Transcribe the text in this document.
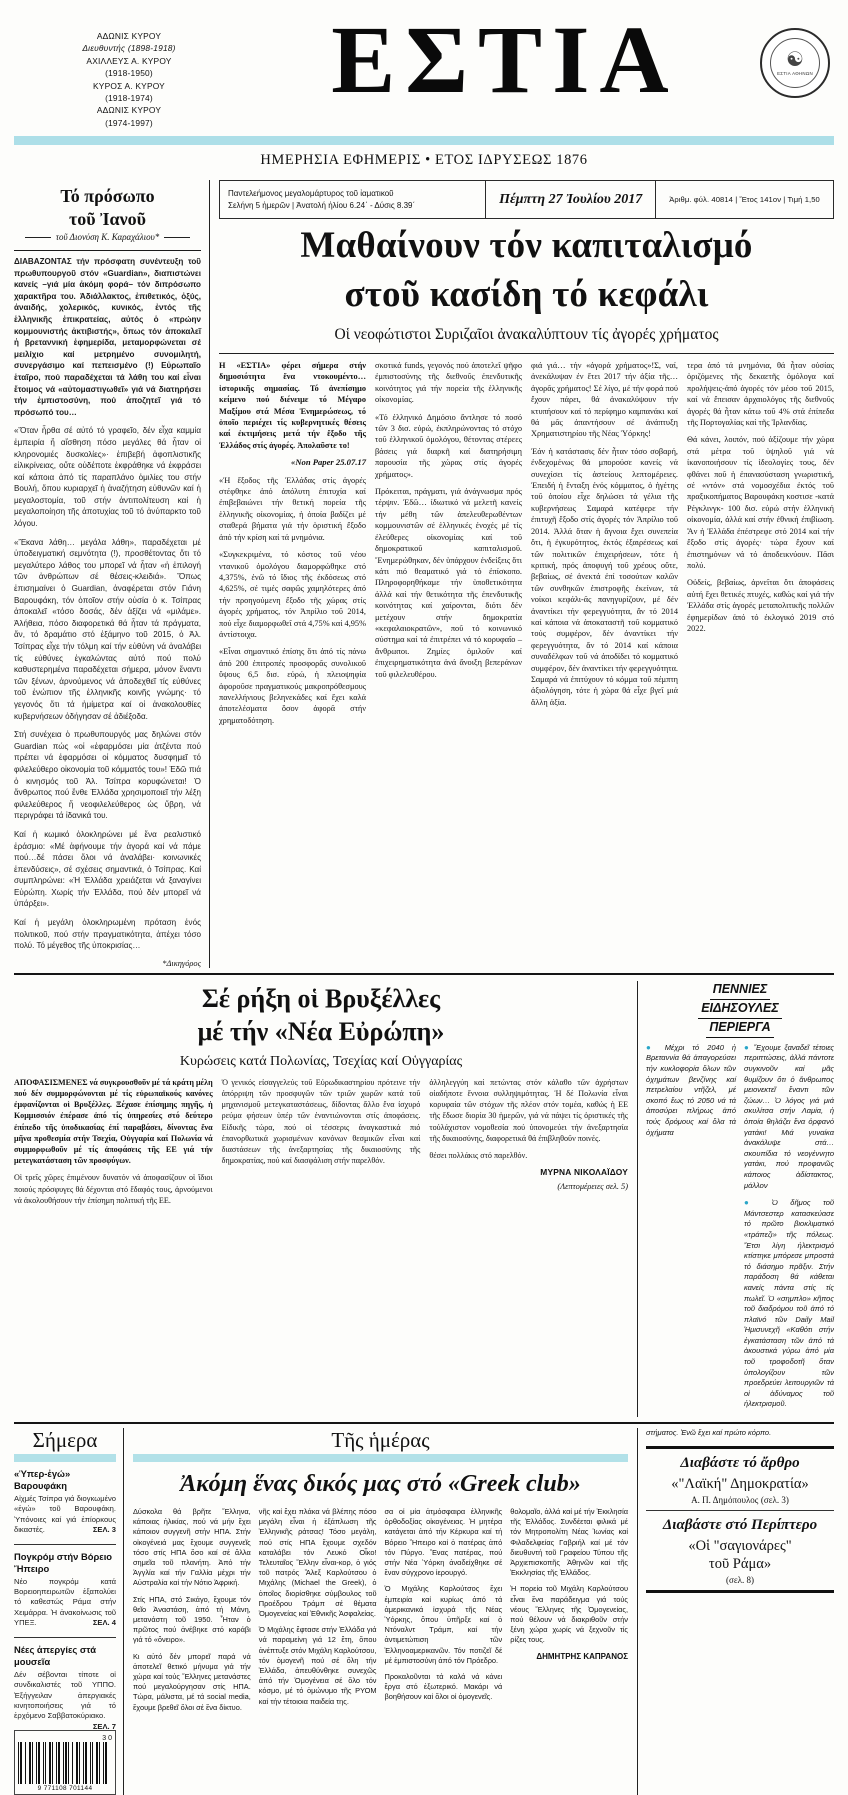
ΑΔΩΝΙΣ ΚΥΡΟΥ
Διευθυντής (1898-1918)
ΑΧΙΛΛΕΥΣ Α. ΚΥΡΟΥ
(1918-1950)
ΚΥΡΟΣ Α. ΚΥΡΟΥ
(1918-1974)
ΑΔΩΝΙΣ ΚΥΡΟΥ
(1974-1997)
ΕΣΤΙΑ	☯
ΕΣΤΙΑ ΑΘΗΝΩΝ
ΗΜΕΡΗΣΙΑ ΕΦΗΜΕΡΙΣ • ΕΤΟΣ ΙΔΡΥΣΕΩΣ 1876
Τό πρόσωπο
τοῦ Ἰανοῦ
τοῦ Διονύση Κ. Καραχάλιου*

ΔΙΑΒΑΖΟΝΤΑΣ τήν πρόσφατη συνέντευξη τοῦ πρωθυπουργοῦ στόν «Guardian», διαπιστώνει κανείς –γιά μία ἀκόμη φορά– τόν διπρόσωπο χαρακτῆρα του. Ἀδιάλλακτος, ἐπιθετικός, ὀξύς, ἀναιδής, χολερικός, κυνικός, ἐντός τῆς ἑλληνικῆς ἐπικρατείας, αὐτός ὁ «πρώην κομμουνιστής ἀκτιβιστής», ὅπως τόν ἀποκαλεῖ ἡ βρεταννική ἐφημερίδα, μεταμορφώνεται σέ μειλίχιο καί μετρημένο συνομιλητή, συνεργάσιμο καί πεπεισμένο (!) Εὐρωπαῖο ἑταῖρο, πού παραδέχεται τά λάθη του καί εἶναι ἕτοιμος νά «αὐτομαστιγωθεῖ» γιά νά διατηρήσει τήν ἐμπιστοσύνη, πού ἀποζητεῖ γιά τό πρόσωπό του…

«Ὅταν ἦρθα σέ αὐτό τό γραφεῖο, δέν εἶχα καμμία ἐμπειρία ἤ αἴσθηση πόσο μεγάλες θά ἦταν οἱ κληρονομιές δυσκολίες»· ἐπιβεβή ἀφοπλιστικῆς εἰλικρίνειας, οὔτε οὐδέποτε ἐκφράθηκε νά ἐκφράσει καί κάποια ἀπό τίς παραπλάνο ὁμιλίες του στήν Βουλή, ὅπου κυριαρχεῖ ἡ ἀναζήτηση εὐθυνῶν καί ἡ μεγαλοστομία, τοῦ στήν ἀντιπολίτευση καί ἡ μεγαλοποίηση τῆς ἀποτυχίας τοῦ τό ἀνύπαρκτο τοῦ λόγου.

«Ἔκανα λάθη… μεγάλα λάθη», παραδέχεται μέ ὑποδειγματική σεμνότητα (!), προσθέτοντας ὅτι τό μεγαλύτερο λάθος του μπορεῖ νά ἦταν «ἡ ἐπιλογή τῶν ἀνθρώπων σέ θέσεις-κλειδιά». Ὅπως ἐπισημαίνει ὁ Guardian, ἀναφέρεται στόν Γιάνη Βαρουφάκη, τόν ὁποῖον στήν οὐσία ὁ κ. Τσίπρας ἀποκαλεῖ «τόσο δοσάς, δέν ἀξίζει νά «μιλάμε». Ἀλήθεια, πόσο διαφορετικά θά ἦταν τά πράγματα, ἄν, τό δραμάτιο στό ἐξάμηνο τοῦ 2015, ὁ Ἀλ. Τσίπρας εἶχε τήν τόλμη καί τήν εὐθύνη νά ἀναλάβει τίς εὐθύνες ἐγκαλώντας αὐτό πού πολύ καθυστερημένα παραδέχεται σήμερα, μόνον ἔναντι τῶν ξένων, ἀρνούμενος νά ἀποδεχθεῖ τίς εὐθύνες τοῦ ἐνώπιον τῆς ἑλληνικῆς κοινῆς γνώμης· τό γεγονός ὅτι τά ἡμίμετρα καί οἱ ἀνακολουθίες κυβερνήσεων ὁδήγησαν σέ ἀδιέξοδα.

Στή συνέχεια ὁ πρωθυπουργός μας δηλώνει στόν Guardian πώς «οἱ «ἐφαρμόσει μία ἀτζέντα πού πρέπει νά ἐφαρμόσει οἱ κόμματος δυσφημεῖ τό φιλελεύθερο οἰκονομία τοῦ κόμματός του»! Ἐδῶ πιά ὁ κινησμός τοῦ Ἀλ. Τσίπρα κορυφώνεται! Ὁ ἄνθρωπος πού ἔνθε Ἑλλάδα χρησιμοποιεῖ τήν λέξη φιλελεύθερος ἤ νεοφιλελεύθερος ὡς ὕβρη, νά περιγράφει τά ἰδανικά του.

Καί ἡ κωμικό ὁλοκληρώνει μέ ἕνα ρεαλιστικό ἐράσμιο: «Μέ ἀφήνουμε τήν ἀγορά καί νά πάμε πού…δέ πάσει ὅλοι νά ἀναλάβει· κοινωνικές ἐπενδύσεις», σέ σχέσεις σημαντικά, ὁ Τσίπρας. Καί συμπληρώνει: «Ἡ Ἑλλάδα χρειάζεται νά ξαναγίνει Εὐρώπη. Χωρίς τήν Ἑλλάδα, πού δέν μπορεῖ νά ὑπάρξει».

Καί ἡ μεγάλη ὁλοκληρωμένη πρόταση ἑνός πολιτικοῦ, πού στήν πραγματικότητα, ἀπέχει τόσο πολύ. Τό μέγεθος τῆς ὑποκρισίας…

*Δικηγόρος
Παντελεήμονος μεγαλομάρτυρος τοῦ ἰαματικοῦ
Σελήνη 5 ἡμερῶν | Ἀνατολή ἡλίου 6.24΄ - Δύσις 8.39΄	Πέμπτη 27 Ἰουλίου 2017	Ἀριθμ. φύλ. 40814 | Ἔτος 141ον | Τιμή 1,50
Μαθαίνουν τόν καπιταλισμό
στοῦ κασίδη τό κεφάλι
Οἱ νεοφώτιστοι Συριζαῖοι ἀνακαλύπτουν τίς ἀγορές χρήματος

Η «ΕΣΤΙΑ» φέρει σήμερα στήν δημοσιότητα ἕνα ντοκουμέντο… ἱστορικῆς σημασίας. Τό ἀνεπίσημο κείμενο πού διένειμε τό Μέγαρο Μαξίμου στά Μέσα Ἐνημερώσεως, τό ὁποῖο περιέχει τίς κυβερνητικές θέσεις καί ἐκτιμήσεις μετά τήν ἔξοδο τῆς Ἑλλάδος στίς ἀγορές. Ἀπολαῦστε το!

«Non Paper 25.07.17

«Ἡ ἔξοδος τῆς Ἑλλάδας στίς ἀγορές στέφθηκε ἀπό ἀπόλυτη ἐπιτυχία καί ἐπιβεβαιώνει τήν θετική πορεία τῆς ἑλληνικῆς οἰκονομίας, ἡ ὁποία βαδίζει μέ σταθερά βήματα γιά τήν ὁριστική ἔξοδο ἀπό τήν κρίση καί τά μνημόνια.

«Συγκεκριμένα, τό κόστος τοῦ νέου ντανικοῦ ὁμολόγου διαμορφώθηκε στό 4,375%, ἐνῶ τό ἴδιος τῆς ἐκδόσεως στό 4,625%, σέ τιμές σαφῶς χαμηλότερες ἀπό τήν προηγούμενη ἔξοδο τῆς χώρας στίς ἀγορές χρήματος, τόν Ἀπρίλιο τοῦ 2014, πού εἶχε διαμορφωθεῖ στά 4,75% καί 4,95% ἀντίστοιχα.

«Εἶναι σημαντικό ἐπίσης ὅτι ἀπό τίς πάνω ἀπό 200 ἐπιτροπές προσφορᾶς συνολικοῦ ὕψους 6,5 δισ. εὐρώ, ἡ πλειοψηφία ἀφοροῦσε πραγματικούς μακροπρόθεσμους πανελλήνιους βεληνεκάδες καί ἔχει καλά ἀποτελέσματα ὅσον ἀφορᾶ στήν χρηματοδότηση.

σκοτικά funds, γεγονός πού ἀποτελεῖ ψῆφο ἐμπιστοσύνης τῆς διεθνοῦς ἐπενδυτικῆς κοινότητος γιά τήν πορεία τῆς ἑλληνικῆς οἰκονομίας.

«Τό ἑλληνικό Δημόσιο ἄντλησε τό ποσό τῶν 3 δισ. εὐρώ, ἐκπληρώνοντας τό στόχο τοῦ ἑλληνικοῦ ὁμολόγου, θέτοντας στέρεες βάσεις γιά διαρκῆ καί διατηρήσιμη παρουσία τῆς χώρας στίς ἀγορές χρήματος».

Πρόκειται, πράγματι, γιά ἀνάγνωσμα πρός τέρψιν. Ἐδῶ… ἰδιωτικό νά μελετῆ κανείς τήν μέθη τῶν ἀπελευθερωθέντων κομμουνιστῶν σέ ἑλληνικές ἐνοχές μέ τίς ἐλεύθερες οἰκονομίας καί τοῦ δημοκρατικοῦ καπιταλισμοῦ. Ἔνημερώθηκαν, δέν ὑπάρχουν ἐνδείξεις ὅτι κάτι πιό θεαματικό γιά τό ἐπίσκοπο. Πληροφορηθήκαμε τήν ὑποθετικότητα ἀλλά καί τήν θετικότητα τῆς ἐπενδυτικῆς κοινότητας καί χαίρονται, διότι δέν μετέχουν στήν δημοκρατία «κεφαλαιοκρατῶν», ποῦ τό κοινωνικό σύστημα καί τά ἐπιτρέπει νά τό κορυφαῖο –ἄνθρωποι. Ζημίες ὁμιλοῦν καί ἐπιχειρηματικότητα ἀνά ἄνοιξη βεπεράνων τοῦ φιλελευθέρου.

φιά γιά… τήν «ἀγορά χρήματος»!Σ, ναί, ἀνεκάλυψαν ἐν ἔτει 2017 τήν ἀξία τῆς… ἀγορᾶς χρήματος! Σέ λίγο, μέ τήν φορά πού ἔχουν πάρει, θά ἀνακαλύψουν τήν κτυπήσουν καί τό περίφημο καμπανάκι καί θά μᾶς ἀπαντήσουν σέ ἀνάπτυξη Χρηματιστηρίου τῆς Νέας Ὑόρκης!

Ἐάν ἡ κατάστασις δέν ἦταν τόσο σοβαρή, ἐνδεχομένως θά μπορούσε κανείς νά συνεχίσει τίς ἀστείους λεπτομέρειες. Ἐπειδή ἡ ἔνταξη ἐνός κόμματος, ὁ ἡγέτης τοῦ ὁποίου εἶχε δηλώσει τά γέλια τῆς κυβερνήσεως Σαμαρά κατέφερε τήν ἐπιτυχῆ ἔξοδο στίς ἀγορές τόν Ἀπρίλιο τοῦ 2014. Ἀλλά ὅταν ἡ ἄγνοια ἔχει συνεπεία ὅτι, ἡ ἐγκυρότητος, ἐκτός ἐξαιρέσεως καί τῶν πολιτικῶν ἐπιχειρήσεων, τότε ἡ κριτική, πρός ἀποφυγή τοῦ χρέους οὔτε, βεβαίως, σέ ἀνεκτά ἐπί τοσούτων καλῶν τῶν συνθηκῶν ἐπιστροφῆς ἐκείνων, τά νοίκοι κεφάλι-ᾶς πανηγυρίζουν, μέ δέν ἀναντίκει τήν φερεγγυότητα, ἄν τό 2014 καί κάποια νά ἀποκαταστῆ τοῦ κομματικό τούς συμφέρον, δέν ἀναντίκει τήν φερεγγυότητα, ἄν τό 2014 καί κάποια συναδέλφων τοῦ νά ἀποδίδει τό κομματικό συμφέρον, δέν ἀναντίκει τήν φερεγγυότητα. Σαμαρά νά ἐπιτύχουν τό κόμμα τοῦ πέμπτη ἀξιολόγηση, τότε ἡ χώρα θά εἶχε βγεῖ μιά ἄλλη ἀξία.

τερα ἀπό τά μνημόνια, θά ἦταν οὐσίας ὁριζόμενες τῆς δεκαετῆς ὁμόλογα καί προλήψεις-ἀπό ἀγορές τόν μέσο τοῦ 2015, καί νά ἔπεισαν ἀρχαιολόγος τῆς διεθνοῦς ἀγορές θά ἦταν κάτω τοῦ 4% στά ἐπίπεδα τῆς Πορτογαλίας καί τῆς Ἰρλανδίας.

Θά κάνει, λοιπόν, πού ἀξίζουμε τήν χώρα στά μέτρα τοῦ ὑψηλοῦ γιά νά ἰκανοποιήσουν τίς ἰδεολογίες τους, δέν φθάνει ποῦ ἡ ἐπανασύσταση γνωριστική, σέ «ντόν» στά νομοσχέδια ἐκτός τοῦ πραξικοπήματος Βαρουφάκη κοστισε -κατά Ρέγκλινγκ- 100 δισ. εὐρώ στήν ἑλληνική οἰκονομία, ἀλλά καί στήν ἐθνική ἐπιβίωση. Ἄν ἡ Ἑλλάδα ἐπέστρεφε στό 2014 καί τήν ἔξοδο στίς ἀγορές· τώρα ἔχουν καί ἐπιστημόνων νά τό ἀποδεικνύουν. Πᾶσι πολύ.

Οὐδείς, βεβαίως, ἀρνεῖται ὅτι ἀποφάσεις αὐτή ἔχει θετικές πτυχές, καθώς καί γιά τήν Ἑλλάδα στίς ἀγορές μεταπολιτικῆς πολλῶν ἐφημερίδων ἀπό τό ἐκλογικό 2019 στό 2022.

Σέ ρήξη οἱ Βρυξέλλες
μέ τήν «Νέα Εὐρώπη»
Κυρώσεις κατά Πολωνίας, Τσεχίας καί Οὑγγαρίας

ΑΠΟΦΑΣΙΣΜΕΝΕΣ νά συγκρουσθοῦν μέ τά κράτη μέλη πού δέν συμμορφώνονται μέ τίς εὐρωπαϊκούς κανόνες ἐμφανίζονται οἱ Βρυξέλλες. Ξέχασε ἐπίσημης πηγῆς, ἡ Κομμισσιόν ἐπέρασε ἀπό τίς ὑπηρεσίες στό δεύτερο ἐπίπεδο τῆς ὑποδικασίας ἐπί παραβάσει, δίνοντας ἕνα μῆνα προθεσμία στήν Τσεχία, Οὑγγαρία καί Πολωνία νά συμμορφωθοῦν μέ τίς ἀποφάσεις τῆς ΕΕ γιά τήν μετεγκατάσταση τῶν προσφύγων.

Οἱ τρεῖς χῶρες ἐπιμένουν δυνατόν νά ἀποφασίζουν οἱ ἴδιοι ποιούς πρόσφυγες θά δέχονται στό ἔδαφός τους, ἀρνούμενοι νά ἀκολουθήσουν τήν ἐπίσημη πολιτική τῆς ΕΕ.

Ὁ γενικός εἰσαγγελεύς τοῦ Εὐρωδικαστηρίου πρότεινε τήν ἀπόρριψη τῶν προσφυγῶν τῶν τριῶν χωρῶν κατά τοῦ μηχανισμοῦ μετεγκαταστάσεως, δίδοντας ἄλλο ἕνα ἰσχυρό ρεύμα φήσεων ὑπέρ τῶν ἐναντιώνονται στίς ἀποφάσεις. Εἰδικῆς τώρα, πού οἱ τέσσερις ἀναγκαστικά πιό ἐπανορθωτικά χωρισμένων κανόνων θεσμικῶν εἶναι καί διαστάσεων τῆς ἀνεξαρτησίας τῆς δικαιοσύνης τῆς δημοκρατίας, πού καί διασφάλιση στήν παρελθόν.

ἀλληλεγγύη καί πετώντας στόν κάλαθο τῶν ἀχρήστων οἱαδήποτε ἔννοια συλληψιμότητας. Ἡ δέ Πολωνία εἶναι κορυφαία τῶν στόχων τῆς πλέον στόν τομέα, καθώς ἡ ΕΕ τῆς ἔδωσε διορία 30 ἡμερῶν, γιά νά πάψει τίς ὀριστικές τῆς τοὐλάχιστον νομοθεσία πού ὑπονομεύει τήν ἀνεξαρτησία τῆς δικαιοσύνης, διαφορετικά θά ἐπιβληθοῦν ποινές.

θέσει πολλάκις στό παρελθόν.

ΜΥΡΝΑ ΝΙΚΟΛΑΪΔΟΥ
(Λεπτομέρειες σελ. 5)
ΠΕΝΝΙΕΣ
ΕΙΔΗΣΟΥΛΕΣ
ΠΕΡΙΕΡΓΑ
● Μέχρι τό 2040 ἡ Βρεταννία θά ἀπαγορεύσει τήν κυκλοφορία ὅλων τῶν ὀχημάτων βενζίνης καί πετρελαίου ντῆζελ, μέ σκοπό ἕως τό 2050 νά τά ἀποσύρει πλήρως ἀπό τούς δρόμους καί ὅλα τά ὀχήματα
● Ἔχουμε ξαναδεῖ τέτοιες περιπτώσεις, ἀλλά πάντοτε συγκινοῦν καί μᾶς θυμίζουν ὅτι ὁ ἄνθρωπος μειονεκτεῖ ἔναντι τῶν ζώων… Ὁ λόγος γιά μιά σκυλίτσα στήν Λαμία, ἡ ὁποία θηλάζει ἕνα ὀρφανό γατάκι! Μιά γυναίκα ἀνακάλυψε στά… σκουπίδια τό νεογέννητο γατάκι, πού προφανῶς κάποιος ἀδίστακτος, μάλλον
● Ὁ δῆμος τοῦ Μάντσεστερ κατασκεύασε τό πρῶτο βιοκλιματικό «τράπεζι» τῆς πόλεως. Ἔτσι λίγη ἡλεκτρισμό κτίστηκε μπόρεσε μπροστά τό διάσημο πρᾶξιν. Στήν παράδοση θά κάθεται κανείς πάντα στίς τίς πωλεῖ. Ὁ «σημπλο» κῆπος τοῦ διαδρόμου τοῦ ἀπό τό πλαϊνό τῶν Daily Mail Ἡμισυνεχῆ «Καθότι στήν ἐγκατάσταση τῶν ἀπό τά ἀκουστικά γύρω ἀπό μία τοῦ τροφοδοτῆ ὅταν ὑπολογίζουν τῶν προεδρεύει λειτουργιῶν τά οἱ ἀδύναμος τοῦ ἠλεκτρισμοῦ.
Σήμερα
«Ὑπερ-ἐγώ» Βαρουφάκη

Αἰχμές Τσίπρα γιά διογκωμένο «ἐγώ» τοῦ Βαρουφάκη. Ὑπόνοιες καί γιά ἐπίορκους δικαστές.	ΣΕΛ. 3

Πογκρόμ στήν Βόρειο Ἤπειρο

Νέο πογκρόμ κατά Βορειοηπειρωτῶν ἐξαπολύει τό καθεστώς Ράμα στήν Χειμάρρα. Ἡ ἀνακοίνωσις τοῦ ΥΠΕΞ.	ΣΕΛ. 4

Νέες ἀπεργίες στά μουσεῖα

Δέν σέβονται τίποτε οἱ συνδικαλιστές τοῦ ΥΠΠΟ. Ἐξήγγειλαν ἀπεργιακές κινητοποιήσεις γιά τό ἐρχόμενο Σαββατοκύριακο.
ΣΕΛ. 7

3 0
9 771108 701144
Τῆς ἡμέρας
Ἀκόμη ἕνας δικός μας στό «Greek club»

Δύσκολα θά βρῆτε Ἕλληνα, κάποιας ἡλικίας, πού νά μήν ἔχει κάποιον συγγενῆ στήν ΗΠΑ. Στήν οἰκογένειά μας ἔχουμε συγγενεῖς τόσο στίς ΗΠΑ ὅσο καί σέ ἄλλα σημεῖα τοῦ πλανήτη. Ἀπό τήν Ἀγγλία καί τήν Γαλλία μέχρι τήν Αὐστραλία καί τήν Νότιο Ἀφρική.

Στίς ΗΠΑ, στό Σικάγο, ἔχουμε τόν θεῖο Ἀναστάση, ἀπό τή Μάνη, μετανάστη τοῦ 1950. Ἦταν ὁ πρῶτος πού ἀνέβηκε στό καράβι γιά τό «ὄνειρο».

Κι αὐτό δέν μπορεῖ παρά νά ἀποτελεῖ θετικό μήνυμα γιά τήν χώρα καί τούς Ἕλληνες μετανάστες πού μεγαλούργησαν στίς ΗΠΑ. Τώρα, μάλιστα, μέ τά social media, ἔχουμε βρεθεῖ ὅλοι σέ ἕνα δίκτυο.

νῆς καί ἔχει πλάκα νά βλέπης πόσο μεγάλη εἶναι ἡ ἐξάπλωση τῆς Ἑλληνικῆς ράτσας! Τόσο μεγάλη, πού στίς ΗΠΑ ἔχουμε σχεδόν καταλάβει τόν Λευκό Οἶκο! Τελευταῖος Ἕλλην εἶναι-κορ, ὁ γιός τοῦ πατρός Ἄλεξ Καρλούτσου ὁ Μιχάλης (Michael the Greek), ὁ ὁποῖος διορίσθηκε σύμβουλος τοῦ Προέδρου Τράμπ σέ θέματα Ὁμογενείας καί Ἐθνικῆς Ἀσφαλείας.

Ὁ Μιχάλης ἔφτασε στήν Ἑλλάδα γιά νά παραμείνη γιά 12 ἔτη, ὅπου ἀνέπτυξε στόν Μιχάλη Καρλούτσου, τόν ὁμογενῆ πού σέ ὅλη τήν Ἑλλάδα, ἀπευθύνθηκε συνεχῶς ἀπό τήν Ὁμογένεια σέ ὅλο τόν κόσμο, μέ τό ὁμώνυμο τῆς ΡΥΟΜ καί τήν τέτοιοια παιδεία της.

σα οἱ μία ἀτμόσφαιρα ἑλληνικῆς ὀρθοδοξίας οἰκογένειας. Ἡ μητέρα κατάγεται ἀπό τήν Κέρκυρα καί τή Βόρειο Ἤπειρο καί ὁ πατέρας ἀπό τόν Πύργο. Ἕνας πατέρας, πού στήν Νέα Ὑόρκη ἀναδείχθηκε σέ ἕναν σύγχρονο ἱερουργό.

Ὁ Μιχάλης Καρλούτσος ἔχει ἐμπειρία καί κυρίως ἀπό τά ἀμερικανικά ἰσχυρά τῆς Νέας Ὑόρκης, ὅπου ὑπῆρξε καί ὁ Ντόναλντ Τράμπ, καί τήν ἀντιμετώπιση τῶν Ἑλληνοαμερικανῶν. Τόν ποτιζεῖ δέ μέ ἐμπιστοσύνη ἀπό τόν Πρόεδρο.

Προκαλοῦνται τά καλά νά κάνει ἔργα στό ἐξωτερικό. Μακάρι νά βοηθήσουν καί ὅλοι οἱ ὁμογενεῖς.

θολομαῖο, ἀλλά καί μέ τήν Ἐκκλησία τῆς Ἑλλάδος. Συνδέεται φιλικά μέ τόν Μητροπολίτη Νέας Ἰωνίας καί Φιλαδελφείας Γαβριήλ καί μέ τόν διευθυντή τοῦ Γραφείου Τύπου τῆς Ἀρχιεπισκοπῆς Ἀθηνῶν καί τῆς Ἐκκλησίας τῆς Ἑλλάδος.

Ἡ πορεία τοῦ Μιχάλη Καρλούτσου εἶναι ἕνα παράδειγμα γιά τούς νέους Ἕλληνες τῆς Ὁμογενείας, πού θέλουν νά διακριθοῦν στήν ξένη χώρα χωρίς νά ξεχνοῦν τίς ρίζες τους.

ΔΗΜΗΤΡΗΣ ΚΑΠΡΑΝΟΣ

στήματος. Ἐνῶ ἔχει καί πρώτο κόρπο.

Διαβάστε τό ἄρθρο
«"Λαϊκή" Δημοκρατία»
Α. Π. Δημόπουλος (σελ. 3)
Διαβάστε στό Περίπτερο
«Οἱ "σαγιονάρες"
τοῦ Ράμα»
(σελ. 8)
